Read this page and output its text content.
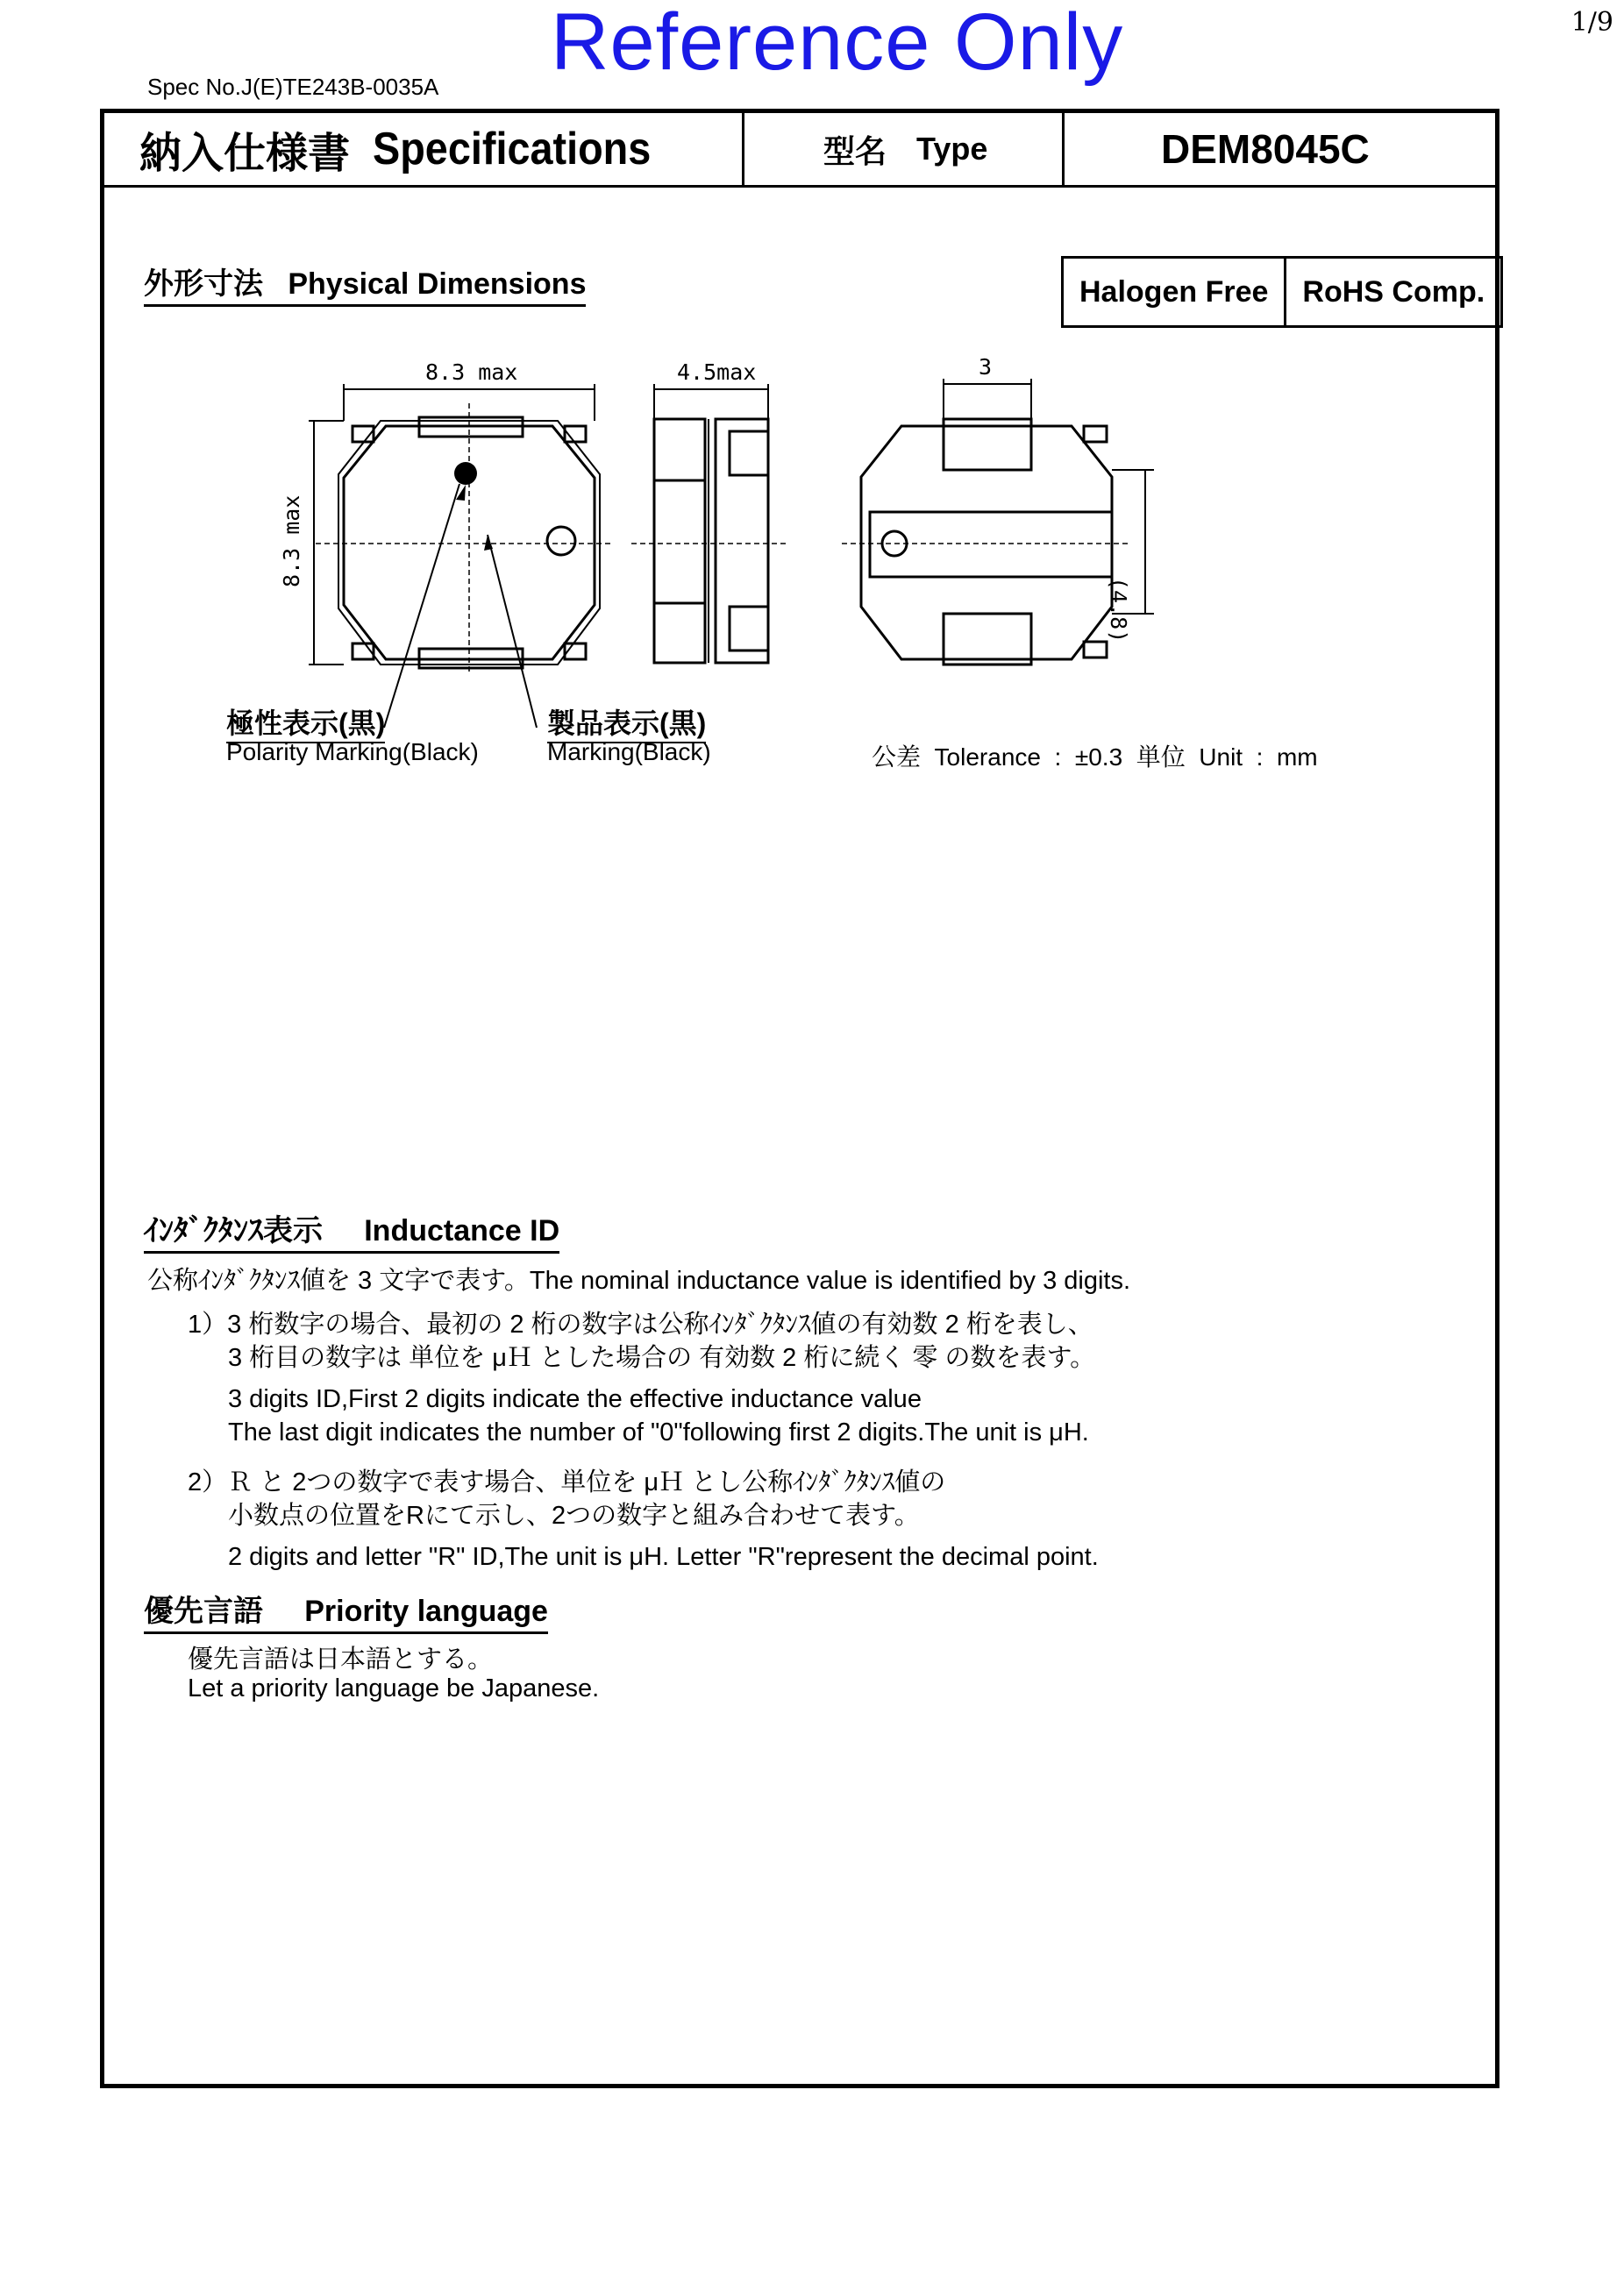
Reference Only	1/9
Spec No.J(E)TE243B-0035A
納入仕様書 Specifications	型名 Type	DEM8045C
外形寸法 Physical Dimensions	Halogen Free	RoHS Comp.
8.3 max
8.3 max
4.5max	3
(4.8)
極性表示(黒)
Polarity Marking(Black)
製品表示(黒)
Marking(Black)	公差  Tolerance  :  ±0.3  単位  Unit  :  mm
ｲﾝﾀﾞｸﾀﾝｽ表示 Inductance ID
公称ｲﾝﾀﾞｸﾀﾝｽ値を 3 文字で表す。The nominal inductance value is identified by 3 digits.
1）3 桁数字の場合、最初の 2 桁の数字は公称ｲﾝﾀﾞｸﾀﾝｽ値の有効数 2 桁を表し、
3 桁目の数字は 単位を μＨ とした場合の 有効数 2 桁に続く 零 の数を表す。
3 digits ID,First 2 digits indicate the effective inductance value
The last digit indicates the number of "0"following first 2 digits.The unit is μH.
2）Ｒ と 2つの数字で表す場合、単位を μＨ とし公称ｲﾝﾀﾞｸﾀﾝｽ値の
小数点の位置をRにて示し、2つの数字と組み合わせて表す。
2 digits and letter "R" ID,The unit is μH. Letter "R"represent the decimal point.
優先言語 Priority language
優先言語は日本語とする。
Let a priority language be Japanese.
